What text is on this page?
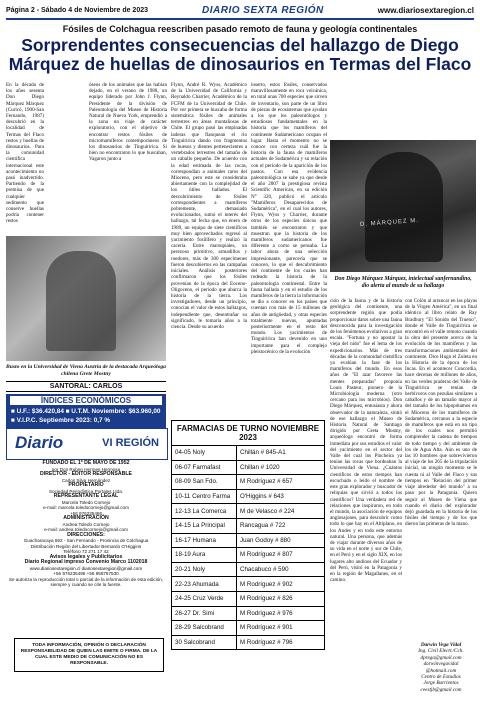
Página 2 - Sábado 4 de Noviembre de 2023	DIARIO SEXTA REGIÓN	www.diariosextaregion.cl
Fósiles de Colchagua reescriben pasado remoto de fauna y geología continentales
Sorprendentes consecuencias del hallazgo de Diego Márquez de huellas de dinosaurios en Termas del Flaco

En la década de los años sesenta Don Diego Márquez Márquez (Curicó, 1900-San Fernando, 1987) descubrió en la localidad de Termas del Flaco restos y huellas de dinosaurios. Para la comunidad científica internacional este acontecimiento no pasó inadvertido. Partiendo de la premisa de que cualquier sedimento que conserve huellas podría contener restos

óseos de los animales que las habían dejado, en el verano de 1988, un equipo liderado por John J. Flynn, Presidente de la división de Paleontología del Museo de Historia Natural de Nueva York, emprendió a la zona un viaje de carácter exploratorio, con el objetivo de encontrar restos fósiles de micromamíferos contemporáneos de los dinosaurios de Tinguiririca. Si bien no encontraron lo que buscaban, Vagaron junto a

Busto en la Universidad de Viena Austria de la destacada Arqueóloga chilena Grete Mostny

Flynn, André R. Wyss, Académico de la Universidad de California y Reynaldo Charrier, Académico de la FCFM de la Universidad de Chile. Por ver primera se buscaba de forma sistemática fósiles de animales terrestres en áreas montañosas de Chile. El grupo pasó las empinadas laderas que flanquean el río Tinguiririca dando con fragmentos de huesos y dientes pertenecientes a vertebrados terrestres del tamaño de un caballo pequeño. De acuerdo con la edad estimada de las rocas, correspondían a animales raros del Mioceno, pero este se consideraba abiertamente con la complejidad de los útiles hallados. El descubrimiento de fósiles correspondientes a mamíferos pobremente, demasiado evolucionados, sumó el interés del hallazgo, tal fecha que, en enero de 1989, un equipo de siete científicos muy bien aprovechados regresó al yacimiento fosilífero y realizó la cacería. Entre marsupiales, un perezoso primitivo, armadillos y roedores, más de 300 especímenes fueron descubiertos en las campañas iniciales. Análisis posteriores confirmaron que los fósiles provenían de la época del Eoceno-Oligoceno, el periodo que abarca la historia de la tierra. Los investigadores, desde un principio, conocían el valor de estos hallazgos, independiente que, desentrañar su significado, le tomaría años a la ciencia. Desde su acuerdo

inserto, estos fósiles, conservados maravillosamente en roca volcánica, en total unas 700 especies que sirven de inventario, son parte de un libro de piezas de ecosistemas que ayudan a los que los paleontólogos y estudiosos fundamentales en la historia que los mamíferos del continente Sudamericano ocupan el lugar. Hasta el momento no se conoce con certeza cuál fue la historia de la fauna de mamíferos actuales de Sudamérica y su relación con el período de la aparición de los pastos. Con esa evidencia paleontológica se sabe ya que desde el año 2007 la prestigiosa revista Scientific American, en su edición N° 320, publicó el artículo "Mamíferos Desaparecidos de Sudamérica", en el cual los autores, Flynn, Wyss y Charrier, durante otros de los especies únicos que también se encontraron y que muestran que la historia de los mamíferos sudamericanos fue diferente a como se pensaba. La labor ahora de una selección impresionante, parecería que se conocen, lo que el descubrimiento del continente de los cuales han rodeado la historia de la paleontología continental. Entre la fauna hallada y en el estudio de los mamíferos de la tierra la información se dio a conocer en los países que cuentan con más de 15 millones de años de antigüedad, y otras especies totalmente nuevas, apuntadas posteriormente en el resto del mundo. Los yacimientos de Tinguiririca han devenido en uno importante para el complejo pleistocénico de la evolución

D. MÁRQUEZ M.
Don Diego Márquez Márquez, intelectual sanfernandino, dio alerta al mundo de su hallazgo

ción de la fauna y de la historia geológica del continente, una sorprendente región que podía proporcionar datos sobre una fauna desconocida para la investigación de los fenómenos evolutivos a gran escala. "Fortuna y no apostar la vieja del nido" fue el lema de los expedicionarios. Más de tres décadas de la comunidad científica ya evalúan la fase de los mamíferos del mundo. En esos años de "El azar favorece las mentes preparadas" proponía Louis Pasteur, pionero de la Microbiología moderna (otro cercano para los microbios). Don Diego Márquez, entusiasta y ahora observador de la naturaleza, sintió de ese hallazgo el Museo de Historia Natural de Santiago dirigido por Greta Mostny, arqueóloga encontró de forma inmediata por sus estudios el valor del yacimiento en el sector del Valle del cual los Pincheira ya tenían las rocas que bordeaban la Universidad de Viena. ¿Cuántos científicos de estos tiempos han escuchado o leído el nombre de este gran explorador y buscador de reliquias que sirvió a todos los científicos? Una verdadera red de relaciones que inspiraron, en todo el mundo, la asociación de equipos anglosajones, para descubrir como todo lo que hay en el Altiplano, en los Andes y en todo este entorno natural. Una persona, que además de viajar durante diversos años de su vida en el norte y sur de Chile, en el Perú y en el siglo XIX, en los lugares alto andinos del Ecuador y del Perú, visitó en la Patagonia y en la región de Magallanes, en el camino.

con Colón al arrancar en las playas de la Virgen América", en un final idéntico al libro relato de Ray Bradbury "El Sonido del Trueno", donde el Valle de Tinguiririca se encontró en el valle remoto cuando la obra del presente acerca de la evolución de los mamíferos y las transformaciones ambientales del continente. Dice Hugo el Zuleta en la Historia de la época de los Incas. En el acontecer Concordia, hace decenas de millones de años, en las verdes praderas del Valle de Tinguiririca se tenían de herbívoros con pezuñas similares a caballos y de un tamaño mayor al del tamaño de los hipopótamos en el Mioceno de los mamíferos de Sudamérica, cercanos a la especie de mamíferos que está en un tipo de los cuales nos permitió comprender la cadena de tiempos de todo tiempo y del ambiente de los de Agua Alta. Aún es uno de las 10 hombres que sobrevivieron al viaje de los 265 de la tripulación inicial, un ningún momento se le cuenta ni al Valle del Flaco y sus tiempos en "Relación del primer viaje alrededor del mundo" a su paso por la Patagonia. Quiero seguir al Museo de Viena que cuando el diario del explorador dejó guardada en la historia de los fósiles del tiempo y de los que dieron las primeras de la mano.

SANTORAL: CARLOS
ÍNDICES ECONÓMICOS
■ U.F.: $36.420,84 ■ U.T.M. Noviembre: $63.960,00
■ V.I.P.C. Septiembre 2023: 0,7 %
Diario	VI REGIÓN
FUNDADO EL 1º DE MAYO DE 1952
por Don Ruben Hermes Hermosa
DIRECTOR - EDITOR RESPONSABLE
Carlos Silva Hernández
PROPIETARIO
Sociedad Periodística Portales Ltda.
REPRESENTANTE LEGAL
Marcela Toledo Cornejo
e-mail: marcela.toledocornejo@gmail.com
+56 976235496
ADMINISTRACIÓN
Andrea Toledo Cornejo
e-mail: andrea.toledocornejo@gmail.com
DIRECCIONES:
Guacharacaya 592 - San Fernando - Provincia de Colchagua
Distribución Región del Libertador Bernardo O'Higgins
Teléfono 72 271 17 42
Avisos legales y Publicitarios
Diario Regional impreso Convenio Marco 1102018
www.diariosextaregion.cl diariosextaregion@gmail.com
+56 976235496 +56 958767530
Se autoriza la reproducción total o parcial de la información de esta edición, siempre y cuando se cite la fuente.
TODA INFORMACIÓN, OPINIÓN O DECLARACIÓN RESPONSABILIDAD DE QUIEN LAS EMITE O FIRMA. DE LA CUAL ESTE MEDIO DE COMUNICACIÓN NO ES RESPONSABLE.
FARMACIAS DE TURNO NOVIEMBRE 2023
04-05 Noly	Chillán # 845-A1
06-07 Farmafast	Chillan # 1020
08-09 San Fdo.	M Rodríguez # 657
10-11 Centro Farma	O'Higgins # 643
12-13 La Comerca	M de Velasco # 224
14-15 La Principal	Rancagua # 722
16-17 Humana	Juan Godoy # 880
18-19 Aura	M Rodríguez # 807
20-21 Noly	Chacabuco # 590
22-23 Ahumada	M Rodríguez # 902
24-25 Cruz Verde	M Rodríguez # 826
26-27 Dr. Simi	M Rodríguez # 976
28-29 Salcobrand	M Rodríguez # 901
30 Salcobrand	M Rodríguez # 796	Darwin Vega Vidal
Ing. Civil Electr./Cch.
dprega@gmail.com
darwinvegavidal
@hotmail.com
Centro de Estudios
Jorge Barrientos
ceestjb@gmail.com
